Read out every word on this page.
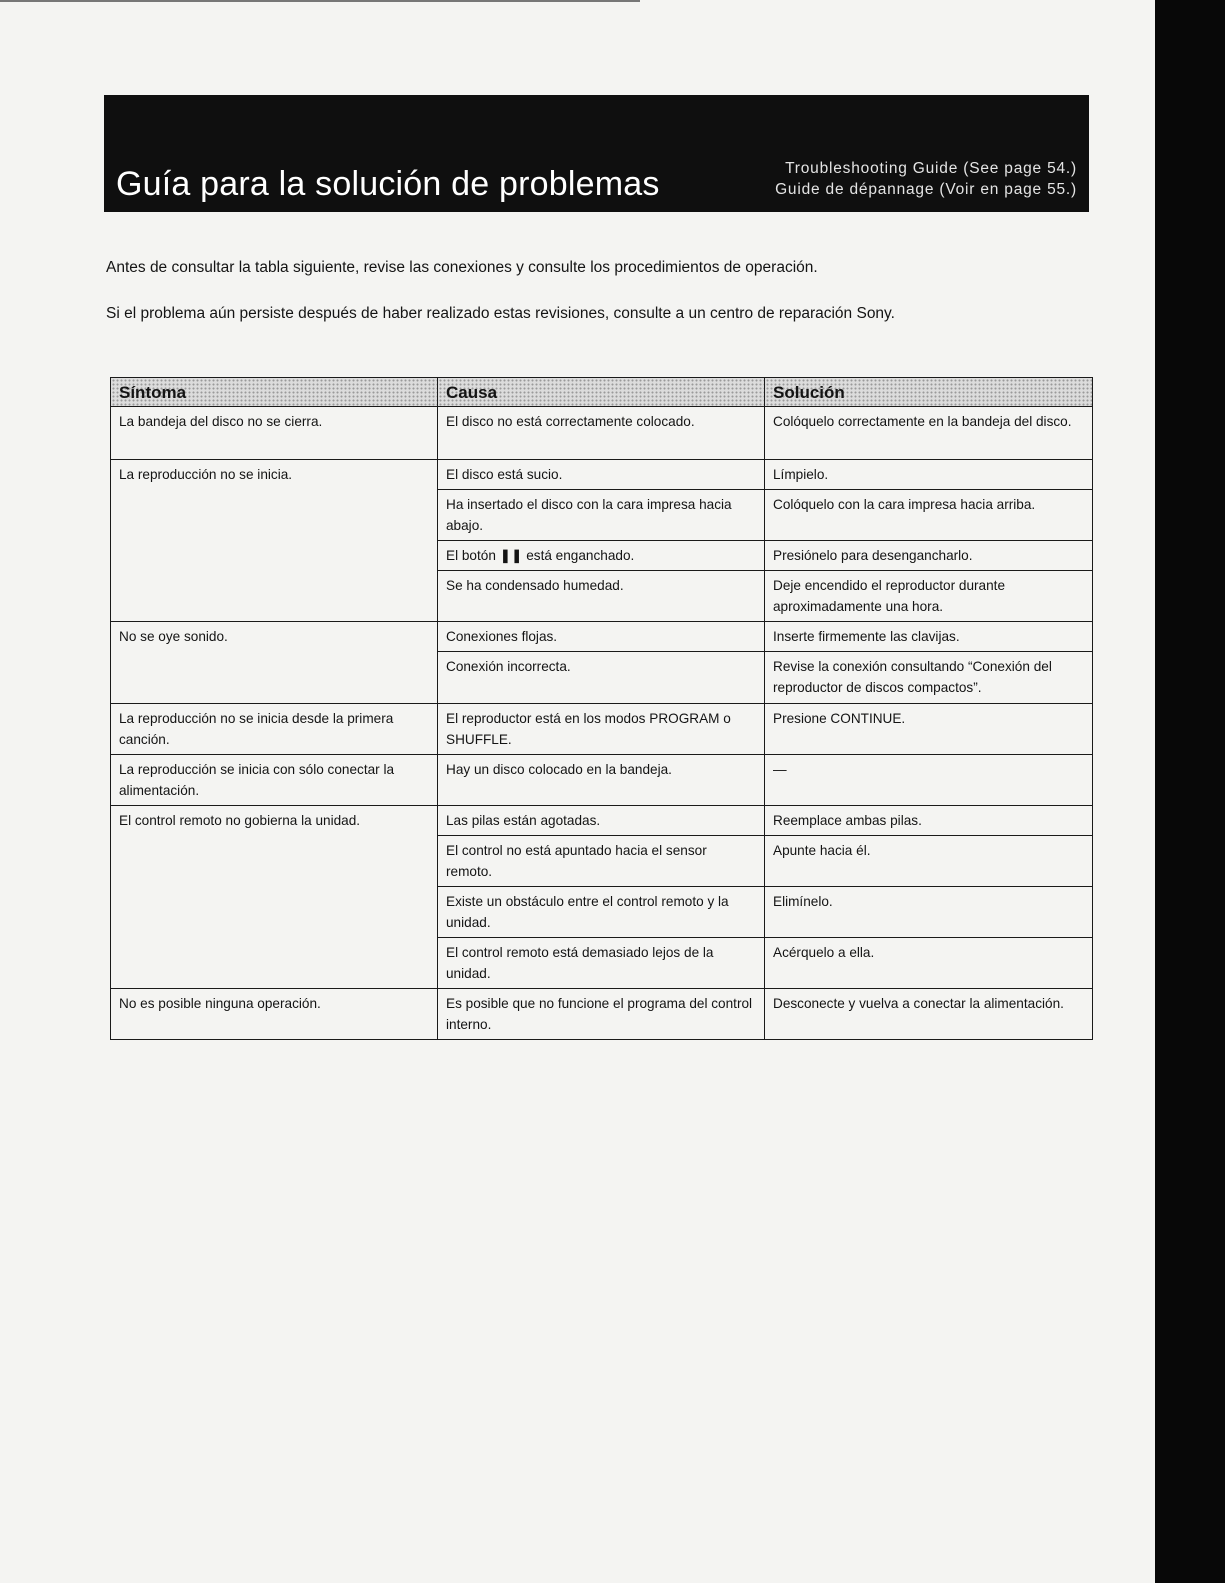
Guía para la solución de problemas	Troubleshooting Guide (See page 54.)
Guide de dépannage (Voir en page 55.)

Antes de consultar la tabla siguiente, revise las conexiones y consulte los procedimientos de operación.

Si el problema aún persiste después de haber realizado estas revisiones, consulte a un centro de reparación Sony.

Síntoma	Causa	Solución
La bandeja del disco no se cierra.	El disco no está correctamente colocado.	Colóquelo correctamente en la bandeja del disco.
La reproducción no se inicia.	El disco está sucio.	Límpielo.
	Ha insertado el disco con la cara impresa hacia abajo.	Colóquelo con la cara impresa hacia arriba.
	El botón ❚❚ está enganchado.	Presiónelo para desengancharlo.
	Se ha condensado humedad.	Deje encendido el reproductor durante aproximadamente una hora.
No se oye sonido.	Conexiones flojas.	Inserte firmemente las clavijas.
	Conexión incorrecta.	Revise la conexión consultando “Conexión del reproductor de discos compactos”.
La reproducción no se inicia desde la primera canción.	El reproductor está en los modos PROGRAM o SHUFFLE.	Presione CONTINUE.
La reproducción se inicia con sólo conectar la alimentación.	Hay un disco colocado en la bandeja.	—
El control remoto no gobierna la unidad.	Las pilas están agotadas.	Reemplace ambas pilas.
	El control no está apuntado hacia el sensor remoto.	Apunte hacia él.
	Existe un obstáculo entre el control remoto y la unidad.	Elimínelo.
	El control remoto está demasiado lejos de la unidad.	Acérquelo a ella.
No es posible ninguna operación.	Es posible que no funcione el programa del control interno.	Desconecte y vuelva a conectar la alimentación.
